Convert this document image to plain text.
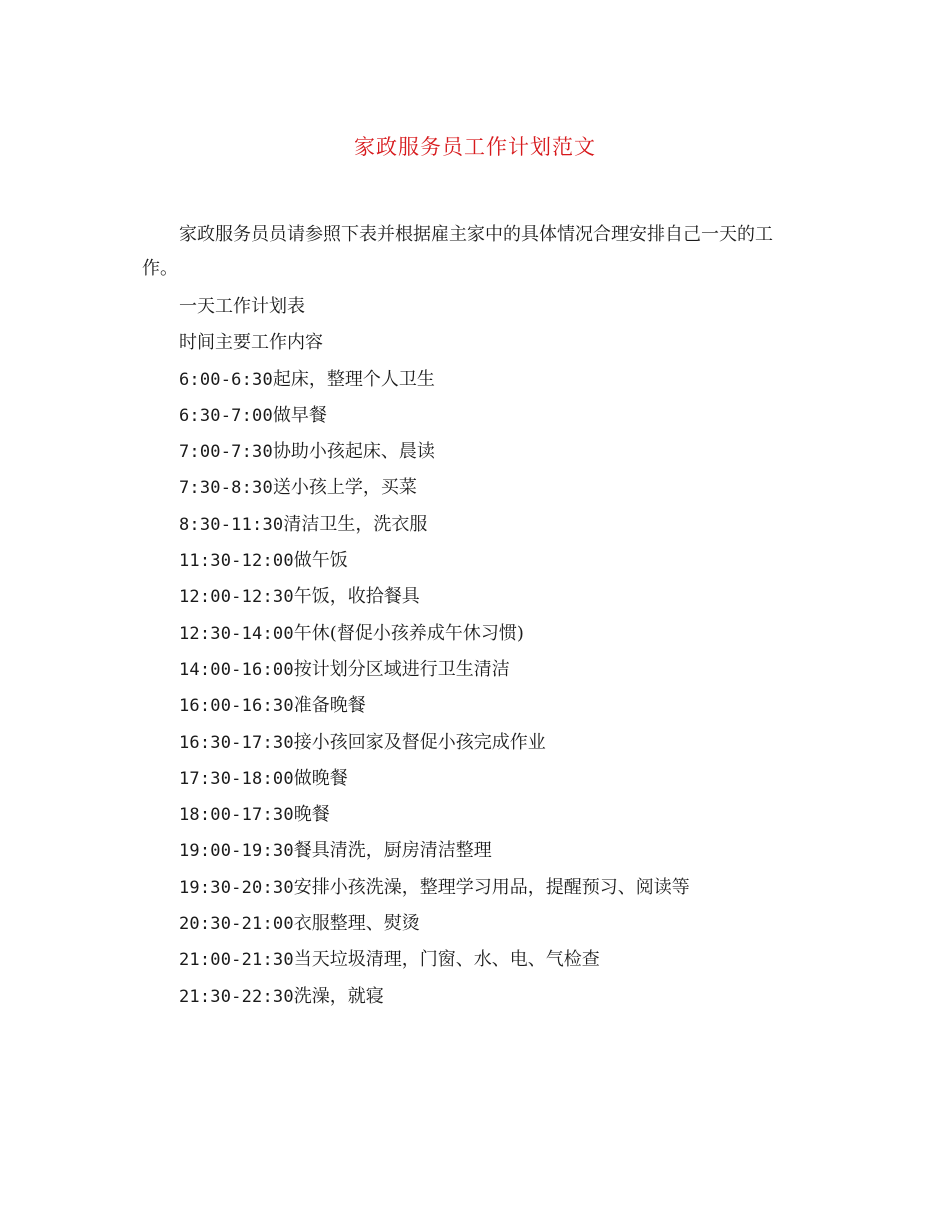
家政服务员工作计划范文

家政服务员员请参照下表并根据雇主家中的具体情况合理安排自己一天的工作。

一天工作计划表
时间主要工作内容
6:00-6:30起床，整理个人卫生
6:30-7:00做早餐
7:00-7:30协助小孩起床、晨读
7:30-8:30送小孩上学，买菜
8:30-11:30清洁卫生，洗衣服
11:30-12:00做午饭
12:00-12:30午饭，收拾餐具
12:30-14:00午休(督促小孩养成午休习惯)
14:00-16:00按计划分区域进行卫生清洁
16:00-16:30准备晚餐
16:30-17:30接小孩回家及督促小孩完成作业
17:30-18:00做晚餐
18:00-17:30晚餐
19:00-19:30餐具清洗，厨房清洁整理
19:30-20:30安排小孩洗澡，整理学习用品，提醒预习、阅读等
20:30-21:00衣服整理、熨烫
21:00-21:30当天垃圾清理，门窗、水、电、气检查
21:30-22:30洗澡，就寝
